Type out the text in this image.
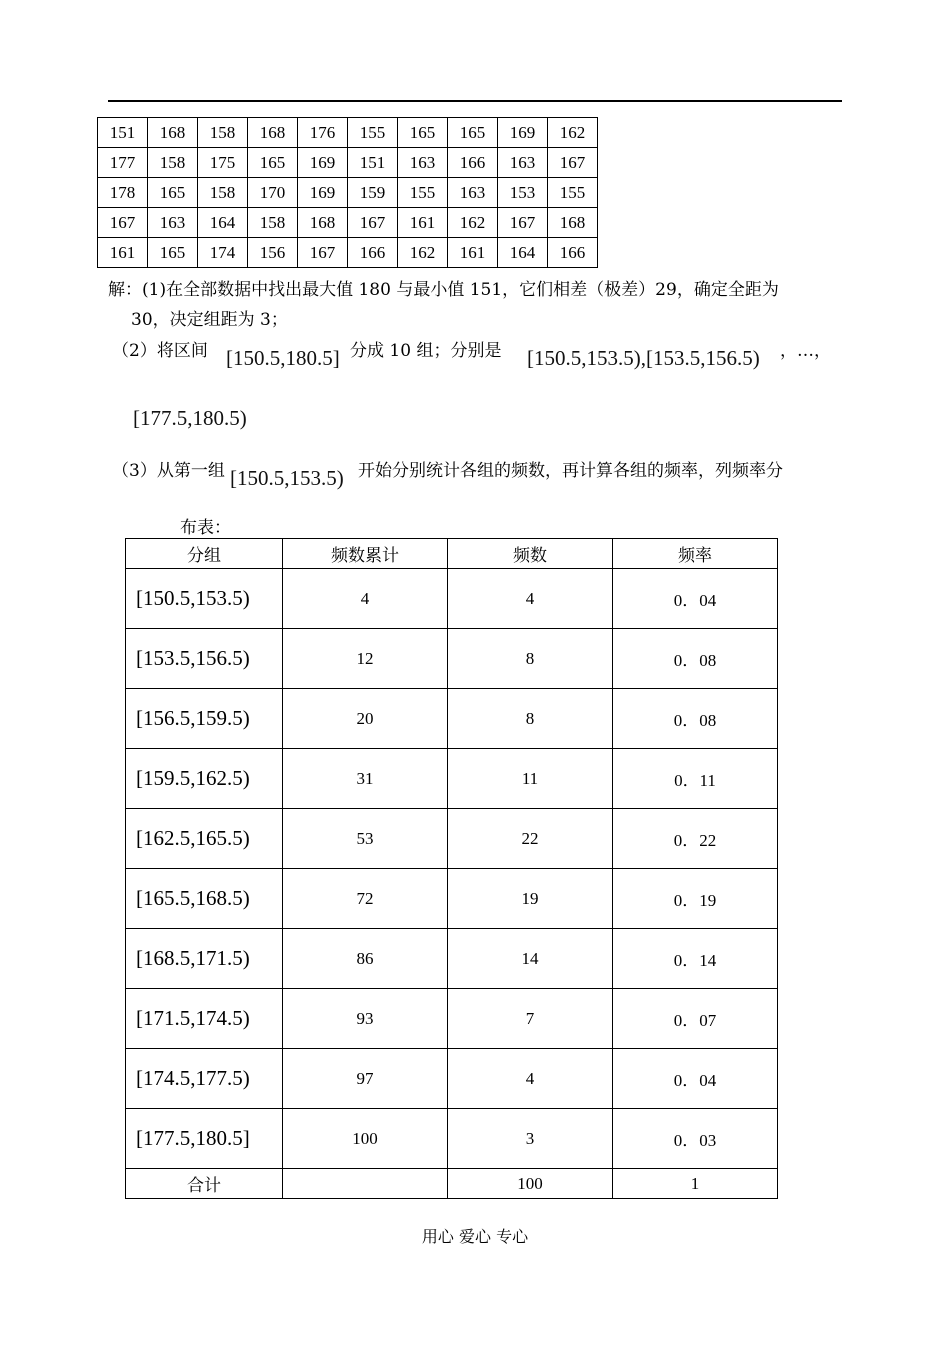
151	168	158	168	176	155	165	165	169	162
177	158	175	165	169	151	163	166	163	167
178	165	158	170	169	159	155	163	153	155
167	163	164	158	168	167	161	162	167	168
161	165	174	156	167	166	162	161	164	166
解：(1)在全部数据中找出最大值 180 与最小值 151，它们相差（极差）29，确定全距为
30，决定组距为 3；
（2）将区间 [150.5,180.5] 分成 10 组；分别是 [150.5,153.5),[153.5,156.5) ，…，
[177.5,180.5)
（3）从第一组 [150.5,153.5) 开始分别统计各组的频数，再计算各组的频率，列频率分
布表：
分组	频数累计	频数	频率
[150.5,153.5)	4	4	0．04
[153.5,156.5)	12	8	0．08
[156.5,159.5)	20	8	0．08
[159.5,162.5)	31	11	0．11
[162.5,165.5)	53	22	0．22
[165.5,168.5)	72	19	0．19
[168.5,171.5)	86	14	0．14
[171.5,174.5)	93	7	0．07
[174.5,177.5)	97	4	0．04
[177.5,180.5]	100	3	0．03
合计		100	1
用心 爱心 专心
